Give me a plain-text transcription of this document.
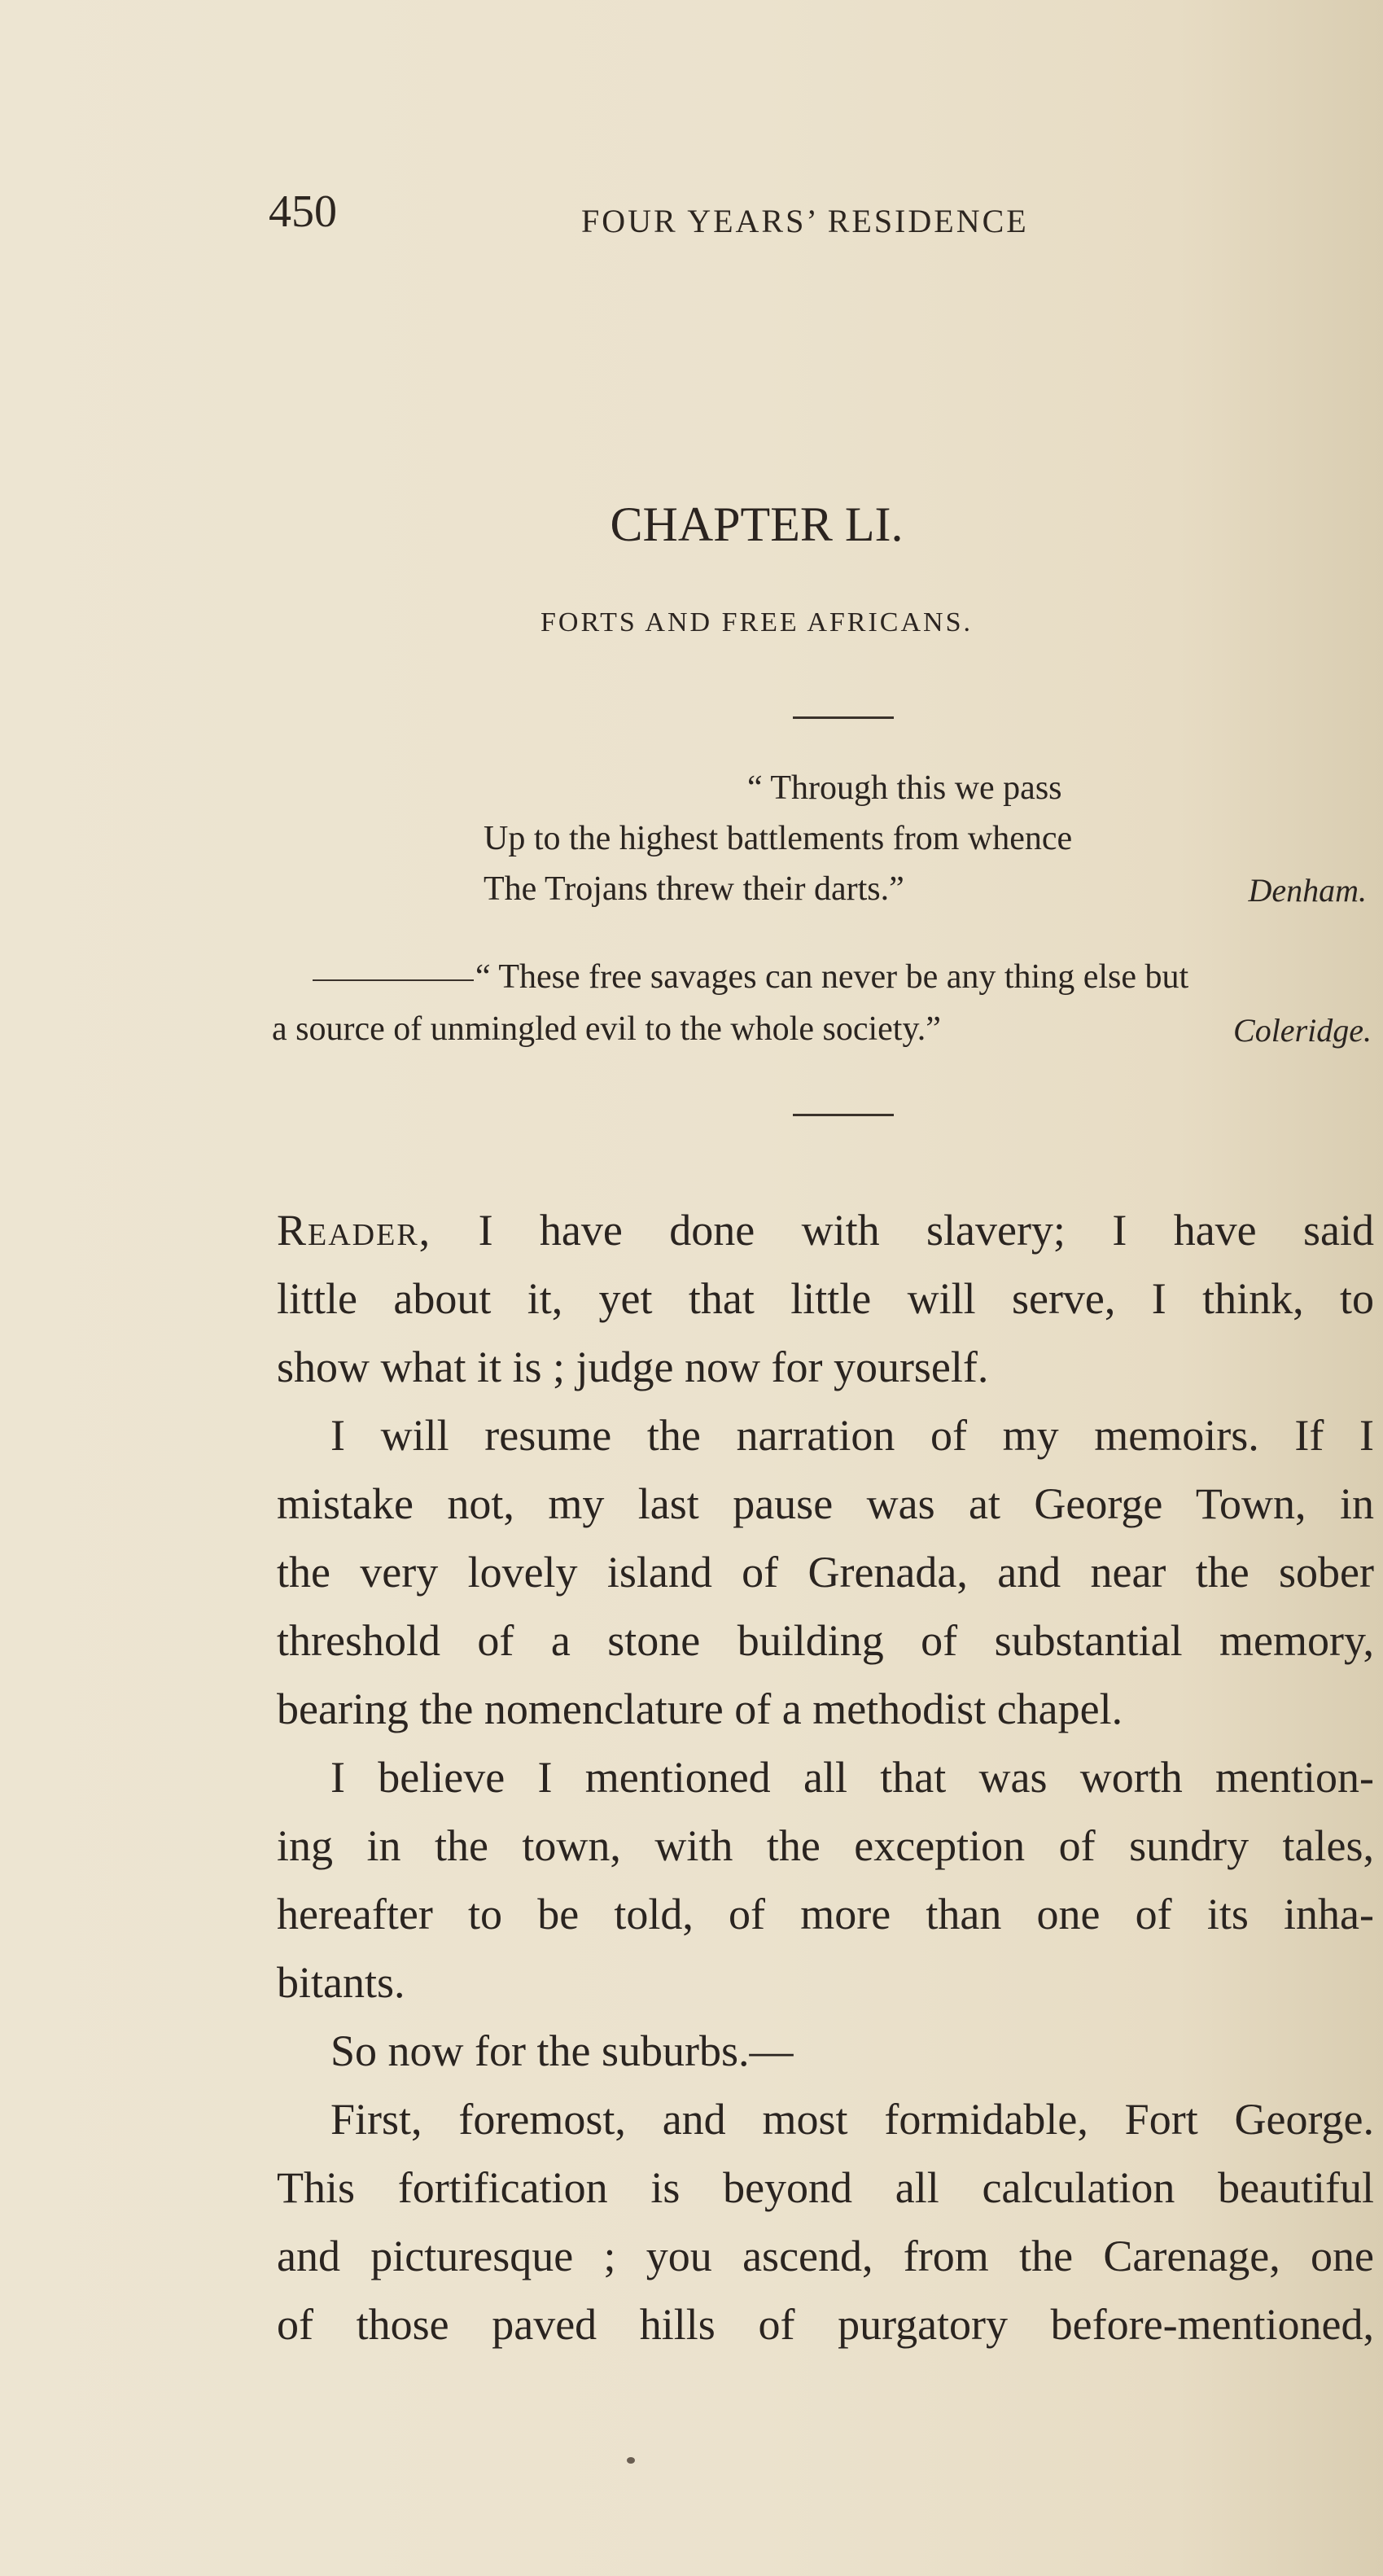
450	FOUR YEARS’ RESIDENCE
CHAPTER LI.
FORTS AND FREE AFRICANS.
“ Through this we pass
Up to the highest battlements from whence
The Trojans threw their darts.”	Denham.
“ These free savages can never be any thing else but
a source of unmingled evil to the whole society.”	Coleridge.
Reader, I have done with slavery; I have said
little about it, yet that little will serve, I think, to
show what it is ; judge now for yourself.
I will resume the narration of my memoirs. If I
mistake not, my last pause was at George Town, in
the very lovely island of Grenada, and near the sober
threshold of a stone building of substantial memory,
bearing the nomenclature of a methodist chapel.
I believe I mentioned all that was worth mention-
ing in the town, with the exception of sundry tales,
hereafter to be told, of more than one of its inha-
bitants.
So now for the suburbs.—
First, foremost, and most formidable, Fort George.
This fortification is beyond all calculation beautiful
and picturesque ; you ascend, from the Carenage, one
of those paved hills of purgatory before-mentioned,
